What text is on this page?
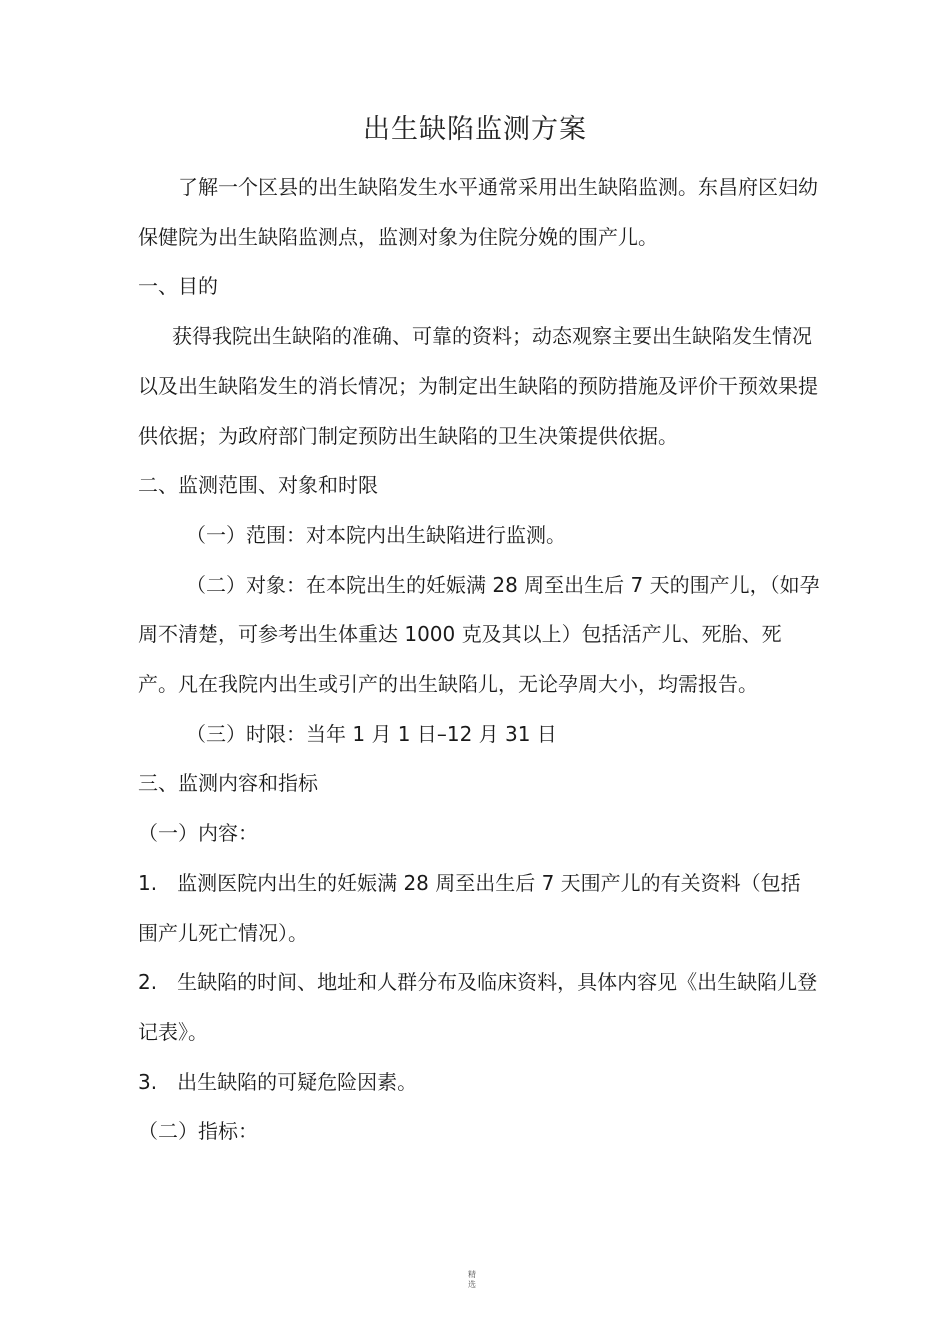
出生缺陷监测方案

了解一个区县的出生缺陷发生水平通常采用出生缺陷监测。东昌府区妇幼保健院为出生缺陷监测点，监测对象为住院分娩的围产儿。

一、目的

获得我院出生缺陷的准确、可靠的资料；动态观察主要出生缺陷发生情况以及出生缺陷发生的消长情况；为制定出生缺陷的预防措施及评价干预效果提供依据；为政府部门制定预防出生缺陷的卫生决策提供依据。

二、监测范围、对象和时限

（一）范围：对本院内出生缺陷进行监测。

（二）对象：在本院出生的妊娠满 28 周至出生后 7 天的围产儿，（如孕周不清楚，可参考出生体重达 1000 克及其以上）包括活产儿、死胎、死产。凡在我院内出生或引产的出生缺陷儿，无论孕周大小，均需报告。

（三）时限：当年 1 月 1 日–12 月 31 日

三、监测内容和指标

（一）内容：

1.　监测医院内出生的妊娠满 28 周至出生后 7 天围产儿的有关资料（包括围产儿死亡情况）。

2.　生缺陷的时间、地址和人群分布及临床资料，具体内容见《出生缺陷儿登记表》。

3.　出生缺陷的可疑危险因素。

（二）指标：

精
选
